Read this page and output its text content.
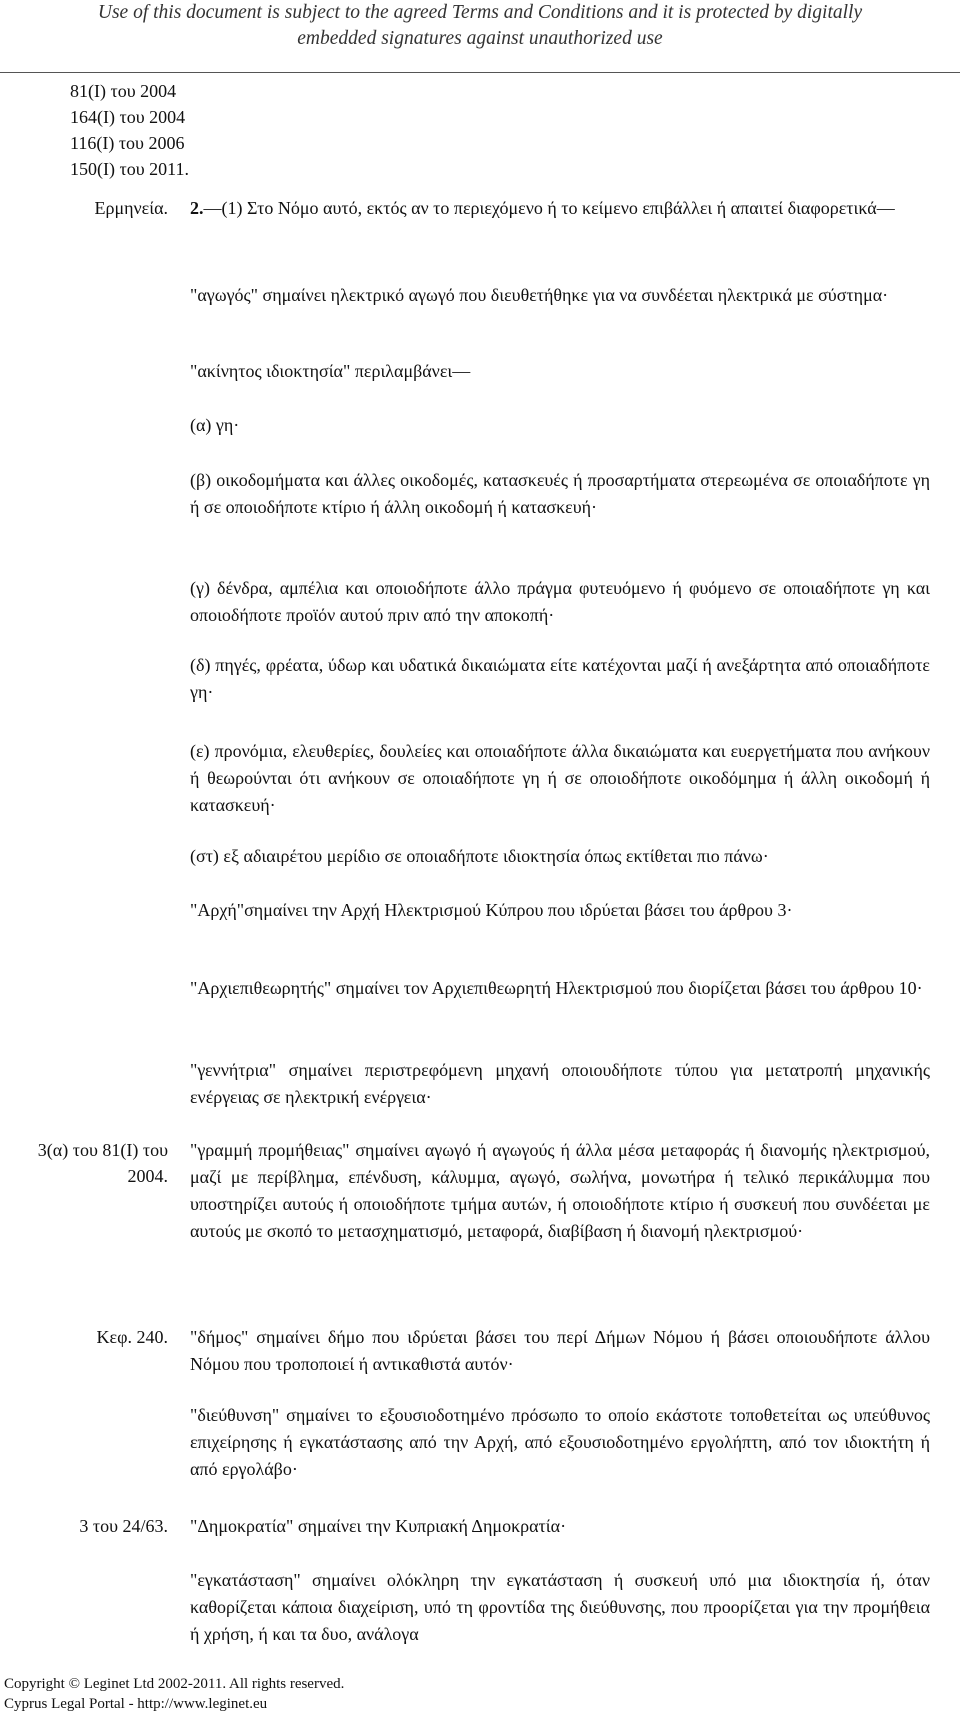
Use of this document is subject to the agreed Terms and Conditions and it is protected by digitally
embedded signatures against unauthorized use
81(Ι) του 2004
164(Ι) του 2004
116(Ι) του 2006
150(Ι) του 2011.
Ερμηνεία.
3(α) του 81(Ι) του
2004.
Κεφ. 240.
3 του 24/63.
2.—(1) Στο Νόμο αυτό, εκτός αν το περιεχόμενο ή το κείμενο επιβάλλει ή απαιτεί διαφορετικά—
"αγωγός" σημαίνει ηλεκτρικό αγωγό που διευθετήθηκε για να συνδέεται ηλεκτρικά με σύστημα·
"ακίνητος ιδιοκτησία" περιλαμβάνει—
(α) γη·
(β) οικοδομήματα και άλλες οικοδομές, κατασκευές ή προσαρτήματα στερεωμένα σε οποιαδήποτε γη ή σε οποιοδήποτε κτίριο ή άλλη οικοδομή ή κατασκευή·
(γ) δένδρα, αμπέλια και οποιοδήποτε άλλο πράγμα φυτευόμενο ή φυόμενο σε οποιαδήποτε γη και οποιοδήποτε προϊόν αυτού πριν από την αποκοπή·
(δ) πηγές, φρέατα, ύδωρ και υδατικά δικαιώματα είτε κατέχονται μαζί ή ανεξάρτητα από οποιαδήποτε γη·
(ε) προνόμια, ελευθερίες, δουλείες και οποιαδήποτε άλλα δικαιώματα και ευεργετήματα που ανήκουν ή θεωρούνται ότι ανήκουν σε οποιαδήποτε γη ή σε οποιοδήποτε οικοδόμημα ή άλλη οικοδομή ή κατασκευή·
(στ) εξ αδιαιρέτου μερίδιο σε οποιαδήποτε ιδιοκτησία όπως εκτίθεται πιο πάνω·
"Αρχή"σημαίνει την Αρχή Ηλεκτρισμού Κύπρου που ιδρύεται βάσει του άρθρου 3·
"Αρχιεπιθεωρητής" σημαίνει τον Αρχιεπιθεωρητή Ηλεκτρισμού που διορίζεται βάσει του άρθρου 10·
"γεννήτρια" σημαίνει περιστρεφόμενη μηχανή οποιουδήποτε τύπου για μετατροπή μηχανικής ενέργειας σε ηλεκτρική ενέργεια·
"γραμμή προμήθειας" σημαίνει αγωγό ή αγωγούς ή άλλα μέσα μεταφοράς ή διανομής ηλεκτρισμού, μαζί με περίβλημα, επένδυση, κάλυμμα, αγωγό, σωλήνα, μονωτήρα ή τελικό περικάλυμμα που υποστηρίζει αυτούς ή οποιοδήποτε τμήμα αυτών, ή οποιοδήποτε κτίριο ή συσκευή που συνδέεται με αυτούς με σκοπό το μετασχηματισμό, μεταφορά, διαβίβαση ή διανομή ηλεκτρισμού·
"δήμος" σημαίνει δήμο που ιδρύεται βάσει του περί Δήμων Νόμου ή βάσει οποιουδήποτε άλλου Νόμου που τροποποιεί ή αντικαθιστά αυτόν·
"διεύθυνση" σημαίνει το εξουσιοδοτημένο πρόσωπο το οποίο εκάστοτε τοποθετείται ως υπεύθυνος επιχείρησης ή εγκατάστασης από την Αρχή, από εξουσιοδοτημένο εργολήπτη, από τον ιδιοκτήτη ή από εργολάβο·
"Δημοκρατία" σημαίνει την Κυπριακή Δημοκρατία·
"εγκατάσταση" σημαίνει ολόκληρη την εγκατάσταση ή συσκευή υπό μια ιδιοκτησία ή, όταν καθορίζεται κάποια διαχείριση, υπό τη φροντίδα της διεύθυνσης, που προορίζεται για την προμήθεια ή χρήση, ή και τα δυο, ανάλογα
Copyright © Leginet Ltd 2002-2011. All rights reserved.
Cyprus Legal Portal - http://www.leginet.eu
